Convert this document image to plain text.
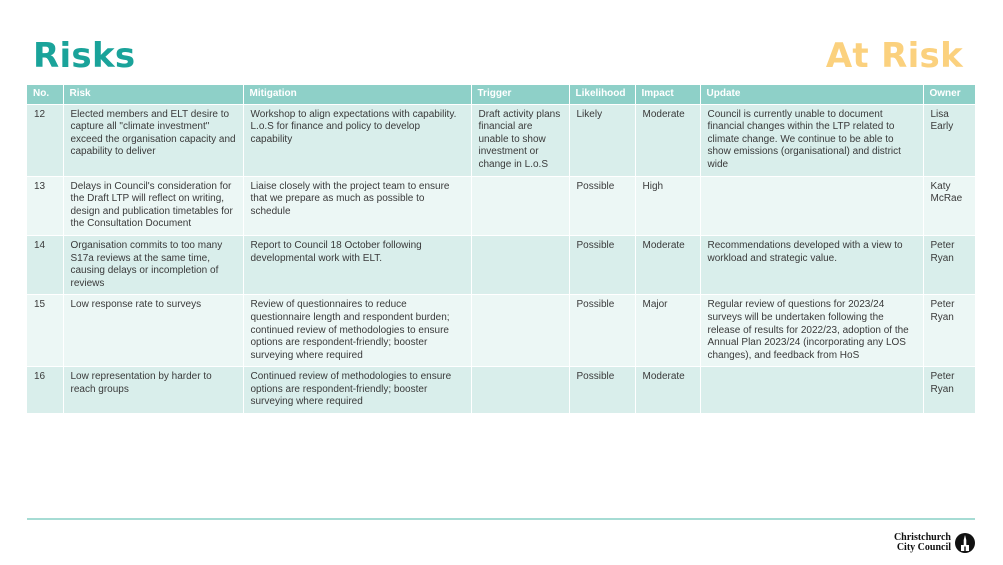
Risks	At Risk
No.	Risk	Mitigation	Trigger	Likelihood	Impact	Update	Owner
12	Elected members and ELT desire to capture all "climate investment" exceed the organisation capacity and capability to deliver	Workshop to align expectations with capability. L.o.S for finance and policy to develop capability	Draft activity plans financial are unable to show investment or change in L.o.S	Likely	Moderate	Council is currently unable to document financial changes within the LTP related to climate change. We continue to be able to show emissions (organisational) and district wide	Lisa Early
13	Delays in Council's consideration for the Draft LTP will reflect on writing, design and publication timetables for the Consultation Document	Liaise closely with the project team to ensure that we prepare as much as possible to schedule		Possible	High		Katy McRae
14	Organisation commits to too many S17a reviews at the same time, causing delays or incompletion of reviews	Report to Council 18 October following developmental work with ELT.		Possible	Moderate	Recommendations developed with a view to workload and strategic value.	Peter Ryan
15	Low response rate to surveys	Review of questionnaires to reduce questionnaire length and respondent burden; continued review of methodologies to ensure options are respondent-friendly; booster surveying where required		Possible	Major	Regular review of questions for 2023/24 surveys will be undertaken following the release of results for 2022/23, adoption of the Annual Plan 2023/24 (incorporating any LOS changes), and feedback from HoS	Peter Ryan
16	Low representation by harder to reach groups	Continued review of methodologies to ensure options are respondent-friendly; booster surveying where required		Possible	Moderate		Peter Ryan
Christchurch
City Council
